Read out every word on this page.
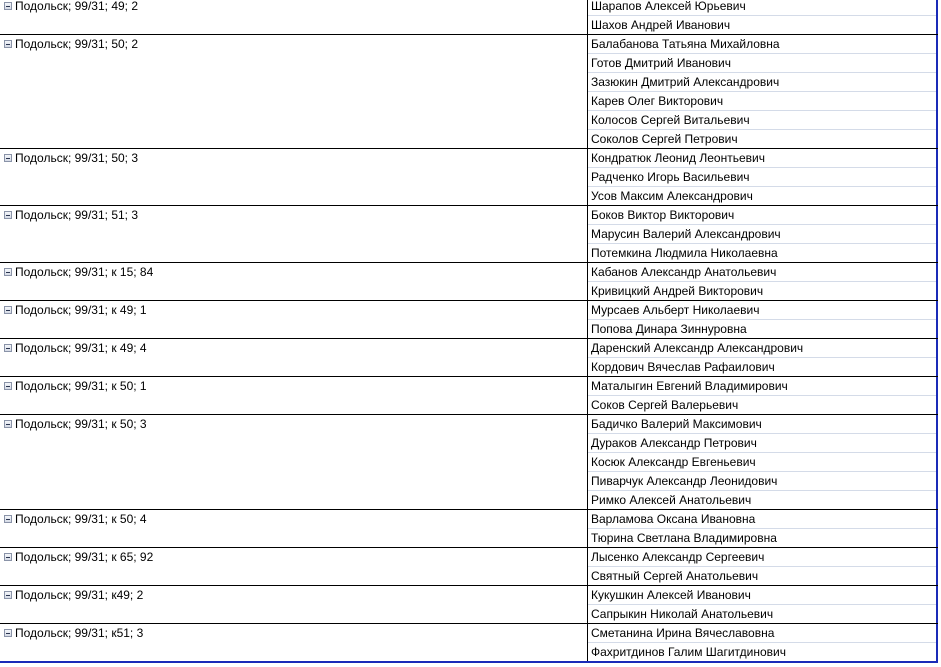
Подольск; 99/31; 49; 2	Шарапов Алексей Юрьевич
Шахов Андрей Иванович
Подольск; 99/31; 50; 2	Балабанова Татьяна Михайловна
Готов Дмитрий Иванович
Зазюкин Дмитрий Александрович
Карев Олег Викторович
Колосов Сергей Витальевич
Соколов Сергей Петрович
Подольск; 99/31; 50; 3	Кондратюк Леонид Леонтьевич
Радченко Игорь Васильевич
Усов Максим Александрович
Подольск; 99/31; 51; 3	Боков Виктор Викторович
Марусин Валерий Александрович
Потемкина Людмила Николаевна
Подольск; 99/31; к 15; 84	Кабанов Александр Анатольевич
Кривицкий Андрей Викторович
Подольск; 99/31; к 49; 1	Мурсаев Альберт Николаевич
Попова Динара Зиннуровна
Подольск; 99/31; к 49; 4	Даренский Александр Александрович
Кордович Вячеслав Рафаилович
Подольск; 99/31; к 50; 1	Маталыгин Евгений Владимирович
Соков Сергей Валерьевич
Подольск; 99/31; к 50; 3	Бадичко Валерий Максимович
Дураков Александр Петрович
Косюк Александр Евгеньевич
Пиварчук Александр Леонидович
Римко Алексей Анатольевич
Подольск; 99/31; к 50; 4	Варламова Оксана Ивановна
Тюрина Светлана Владимировна
Подольск; 99/31; к 65; 92	Лысенко Александр Сергеевич
Святный Сергей Анатольевич
Подольск; 99/31; к49; 2	Кукушкин Алексей Иванович
Сапрыкин Николай Анатольевич
Подольск; 99/31; к51; 3	Сметанина Ирина Вячеславовна
Фахритдинов Галим Шагитдинович
